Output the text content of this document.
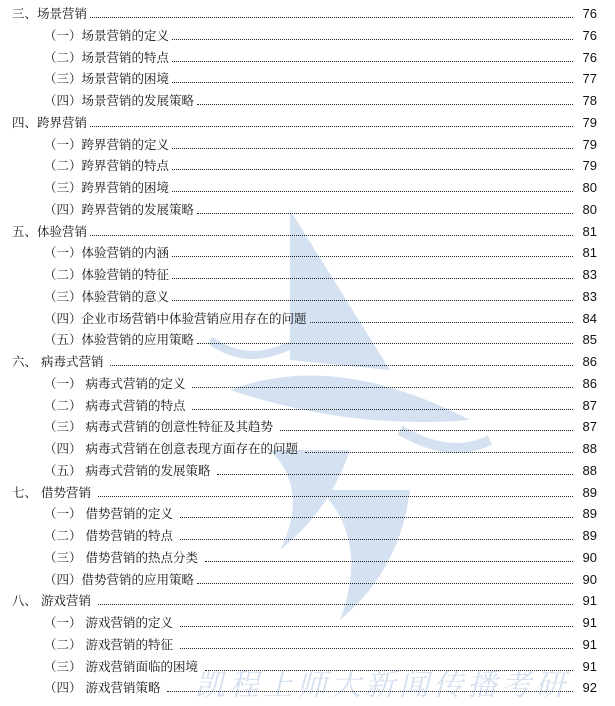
凯程上师大新闻传播考研
三、场景营销	76
（一）场景营销的定义	76
（二）场景营销的特点	76
（三）场景营销的困境	77
（四）场景营销的发展策略	78
四、跨界营销	79
（一）跨界营销的定义	79
（二）跨界营销的特点	79
（三）跨界营销的困境	80
（四）跨界营销的发展策略	80
五、体验营销	81
（一）体验营销的内涵	81
（二）体验营销的特征	83
（三）体验营销的意义	83
（四）企业市场营销中体验营销应用存在的问题	84
（五）体验营销的应用策略	85
六、 病毒式营销	86
（一） 病毒式营销的定义	86
（二） 病毒式营销的特点	87
（三） 病毒式营销的创意性特征及其趋势	87
（四） 病毒式营销在创意表现方面存在的问题	88
（五） 病毒式营销的发展策略	88
七、 借势营销	89
（一） 借势营销的定义	89
（二） 借势营销的特点	89
（三） 借势营销的热点分类	90
（四）借势营销的应用策略	90
八、 游戏营销	91
（一） 游戏营销的定义	91
（二） 游戏营销的特征	91
（三） 游戏营销面临的困境	91
（四） 游戏营销策略	92
